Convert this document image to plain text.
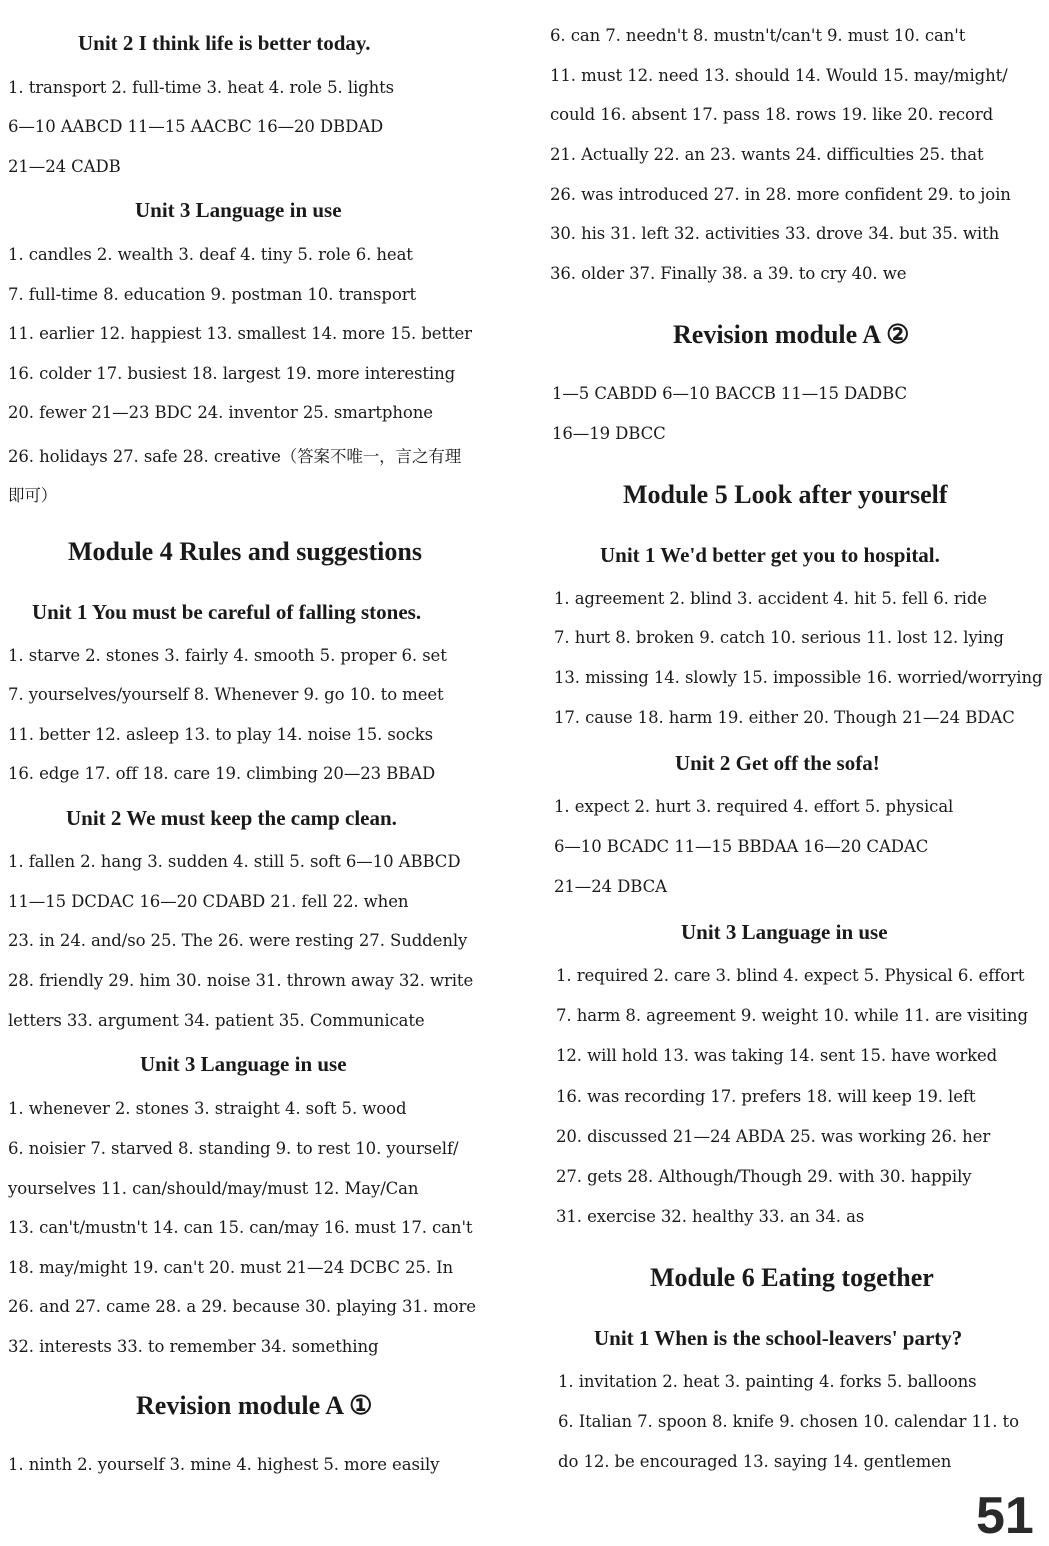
Unit 2 I think life is better today.
1. transport 2. full-time 3. heat 4. role 5. lights
6—10 AABCD 11—15 AACBC 16—20 DBDAD
21—24 CADB
Unit 3 Language in use
1. candles 2. wealth 3. deaf 4. tiny 5. role 6. heat
7. full-time 8. education 9. postman 10. transport
11. earlier 12. happiest 13. smallest 14. more 15. better
16. colder 17. busiest 18. largest 19. more interesting
20. fewer 21—23 BDC 24. inventor 25. smartphone
26. holidays 27. safe 28. creative（答案不唯一，言之有理
即可）
Module 4 Rules and suggestions
Unit 1 You must be careful of falling stones.
1. starve 2. stones 3. fairly 4. smooth 5. proper 6. set
7. yourselves/yourself 8. Whenever 9. go 10. to meet
11. better 12. asleep 13. to play 14. noise 15. socks
16. edge 17. off 18. care 19. climbing 20—23 BBAD
Unit 2 We must keep the camp clean.
1. fallen 2. hang 3. sudden 4. still 5. soft 6—10 ABBCD
11—15 DCDAC 16—20 CDABD 21. fell 22. when
23. in 24. and/so 25. The 26. were resting 27. Suddenly
28. friendly 29. him 30. noise 31. thrown away 32. write
letters 33. argument 34. patient 35. Communicate
Unit 3 Language in use
1. whenever 2. stones 3. straight 4. soft 5. wood
6. noisier 7. starved 8. standing 9. to rest 10. yourself/
yourselves 11. can/should/may/must 12. May/Can
13. can't/mustn't 14. can 15. can/may 16. must 17. can't
18. may/might 19. can't 20. must 21—24 DCBC 25. In
26. and 27. came 28. a 29. because 30. playing 31. more
32. interests 33. to remember 34. something
Revision module A ①
1. ninth 2. yourself 3. mine 4. highest 5. more easily
6. can 7. needn't 8. mustn't/can't 9. must 10. can't
11. must 12. need 13. should 14. Would 15. may/might/
could 16. absent 17. pass 18. rows 19. like 20. record
21. Actually 22. an 23. wants 24. difficulties 25. that
26. was introduced 27. in 28. more confident 29. to join
30. his 31. left 32. activities 33. drove 34. but 35. with
36. older 37. Finally 38. a 39. to cry 40. we
Revision module A ②
1—5 CABDD 6—10 BACCB 11—15 DADBC
16—19 DBCC
Module 5 Look after yourself
Unit 1 We'd better get you to hospital.
1. agreement 2. blind 3. accident 4. hit 5. fell 6. ride
7. hurt 8. broken 9. catch 10. serious 11. lost 12. lying
13. missing 14. slowly 15. impossible 16. worried/worrying
17. cause 18. harm 19. either 20. Though 21—24 BDAC
Unit 2 Get off the sofa!
1. expect 2. hurt 3. required 4. effort 5. physical
6—10 BCADC 11—15 BBDAA 16—20 CADAC
21—24 DBCA
Unit 3 Language in use
1. required 2. care 3. blind 4. expect 5. Physical 6. effort
7. harm 8. agreement 9. weight 10. while 11. are visiting
12. will hold 13. was taking 14. sent 15. have worked
16. was recording 17. prefers 18. will keep 19. left
20. discussed 21—24 ABDA 25. was working 26. her
27. gets 28. Although/Though 29. with 30. happily
31. exercise 32. healthy 33. an 34. as
Module 6 Eating together
Unit 1 When is the school-leavers' party?
1. invitation 2. heat 3. painting 4. forks 5. balloons
6. Italian 7. spoon 8. knife 9. chosen 10. calendar 11. to
do 12. be encouraged 13. saying 14. gentlemen
51
